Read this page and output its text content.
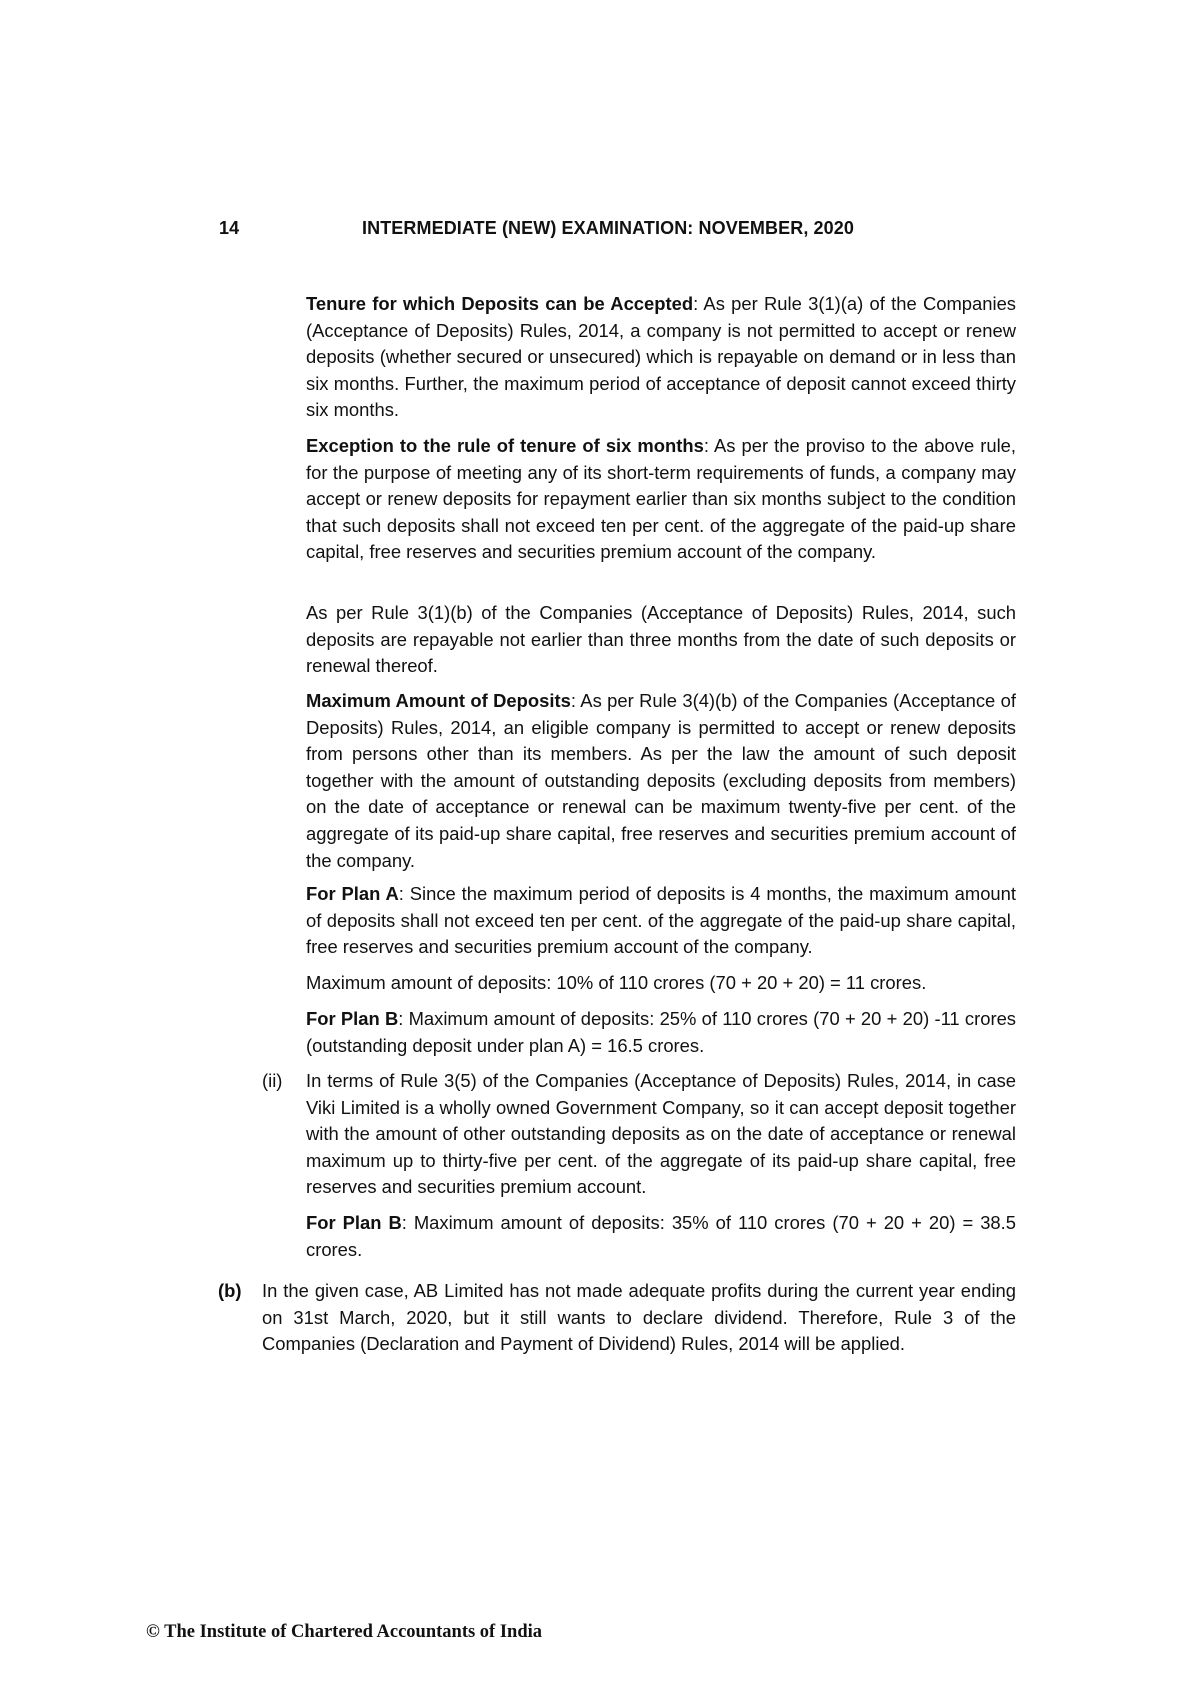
14	INTERMEDIATE (NEW) EXAMINATION: NOVEMBER, 2020

Tenure for which Deposits can be Accepted: As per Rule 3(1)(a) of the Companies (Acceptance of Deposits) Rules, 2014, a company is not permitted to accept or renew deposits (whether secured or unsecured) which is repayable on demand or in less than six months. Further, the maximum period of acceptance of deposit cannot exceed thirty six months.

Exception to the rule of tenure of six months: As per the proviso to the above rule, for the purpose of meeting any of its short-term requirements of funds, a company may accept or renew deposits for repayment earlier than six months subject to the condition that such deposits shall not exceed ten per cent. of the aggregate of the paid-up share capital, free reserves and securities premium account of the company.

As per Rule 3(1)(b) of the Companies (Acceptance of Deposits) Rules, 2014, such deposits are repayable not earlier than three months from the date of such deposits or renewal thereof.

Maximum Amount of Deposits: As per Rule 3(4)(b) of the Companies (Acceptance of Deposits) Rules, 2014, an eligible company is permitted to accept or renew deposits from persons other than its members. As per the law the amount of such deposit together with the amount of outstanding deposits (excluding deposits from members) on the date of acceptance or renewal can be maximum twenty-five per cent. of the aggregate of its paid-up share capital, free reserves and securities premium account of the company.

For Plan A: Since the maximum period of deposits is 4 months, the maximum amount of deposits shall not exceed ten per cent. of the aggregate of the paid-up share capital, free reserves and securities premium account of the company.

Maximum amount of deposits: 10% of 110 crores (70 + 20 + 20) = 11 crores.

For Plan B: Maximum amount of deposits: 25% of 110 crores (70 + 20 + 20) -11 crores (outstanding deposit under plan A) = 16.5 crores.

(ii) In terms of Rule 3(5) of the Companies (Acceptance of Deposits) Rules, 2014, in case Viki Limited is a wholly owned Government Company, so it can accept deposit together with the amount of other outstanding deposits as on the date of acceptance or renewal maximum up to thirty-five per cent. of the aggregate of its paid-up share capital, free reserves and securities premium account.

For Plan B: Maximum amount of deposits: 35% of 110 crores (70 + 20 + 20) = 38.5 crores.

(b) In the given case, AB Limited has not made adequate profits during the current year ending on 31st March, 2020, but it still wants to declare dividend. Therefore, Rule 3 of the Companies (Declaration and Payment of Dividend) Rules, 2014 will be applied.

© The Institute of Chartered Accountants of India
